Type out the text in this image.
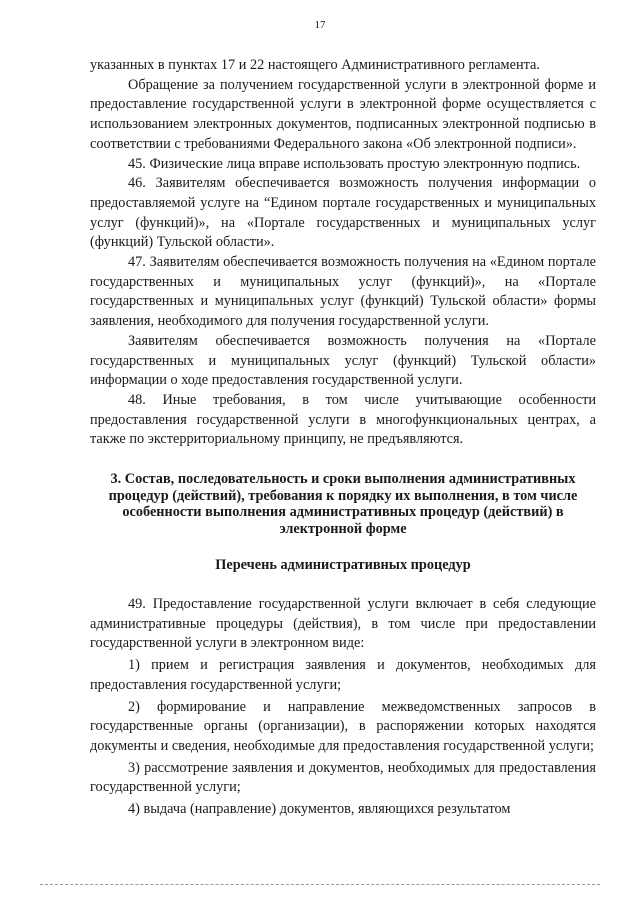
17

указанных в пунктах 17 и 22 настоящего Административного регламента.

Обращение за получением государственной услуги в электронной форме и предоставление государственной услуги в электронной форме осуществляется с использованием электронных документов, подписанных электронной подписью в соответствии с требованиями Федерального закона «Об электронной подписи».

45. Физические лица вправе использовать простую электронную подпись.

46. Заявителям обеспечивается возможность получения информации о предоставляемой услуге на “Едином портале государственных и муниципальных услуг (функций)», на «Портале государственных и муниципальных услуг (функций) Тульской области».

47. Заявителям обеспечивается возможность получения на «Едином портале государственных и муниципальных услуг (функций)», на «Портале государственных и муниципальных услуг (функций) Тульской области» формы заявления, необходимого для получения государственной услуги.

Заявителям обеспечивается возможность получения на «Портале государственных и муниципальных услуг (функций) Тульской области» информации о ходе предоставления государственной услуги.

48. Иные требования, в том числе учитывающие особенности предоставления государственной услуги в многофункциональных центрах, а также по экстерриториальному принципу, не предъявляются.

3. Состав, последовательность и сроки выполнения административных процедур (действий), требования к порядку их выполнения, в том числе особенности выполнения административных процедур (действий) в электронной форме
Перечень административных процедур

49. Предоставление государственной услуги включает в себя следующие административные процедуры (действия), в том числе при предоставлении государственной услуги в электронном виде:

1) прием и регистрация заявления и документов, необходимых для предоставления государственной услуги;

2) формирование и направление межведомственных запросов в государственные органы (организации), в распоряжении которых находятся документы и сведения, необходимые для предоставления государственной услуги;

3) рассмотрение заявления и документов, необходимых для предоставления государственной услуги;

4) выдача (направление) документов, являющихся результатом
